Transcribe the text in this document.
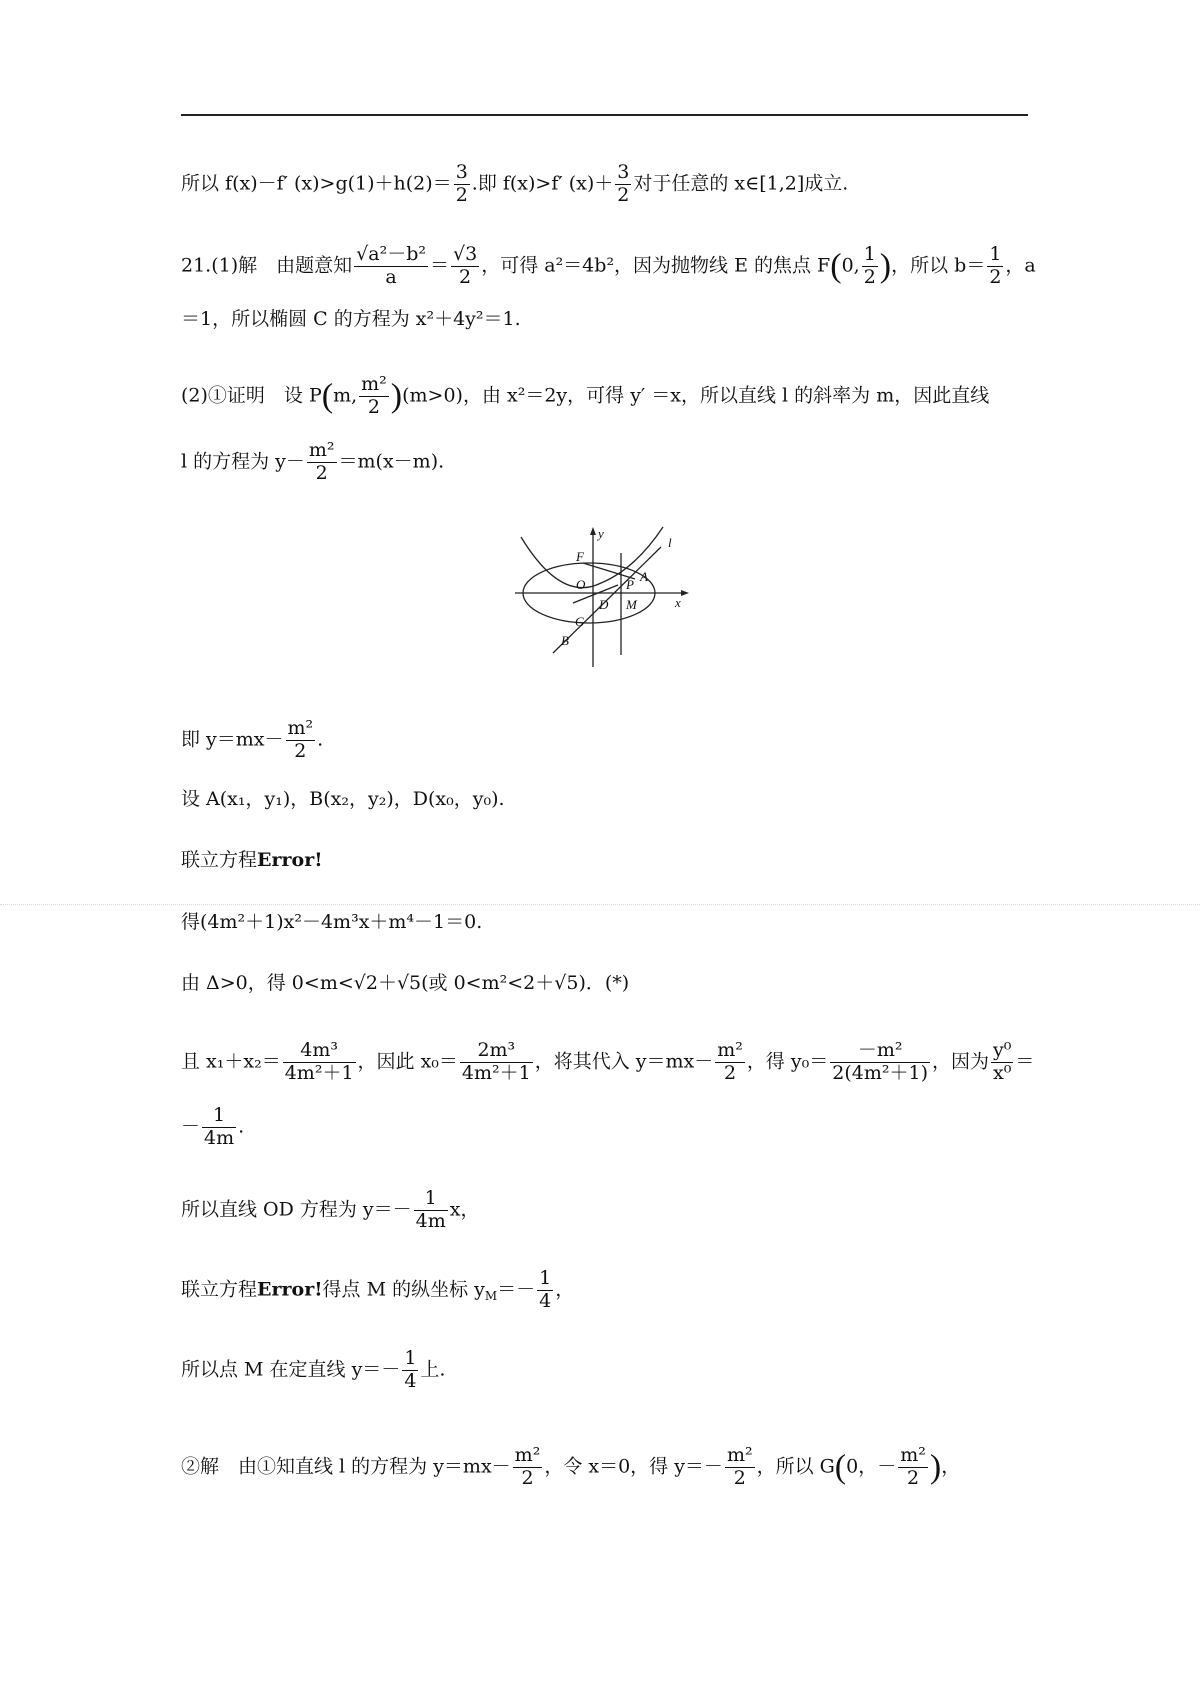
所以 f(x)－f′ $(x)>g(1)+h(2)= \frac{3}{2}$ .即 f(x)>f′ $(x)+ \frac{3}{2}$ 对于任意的 x∈[1,2]成立.
21.(1)解　由题意知 $\frac{\text{√a²－b²}}{a} = \frac{√3}{2}$ ，可得 a²＝4b²，因为抛物线 E 的焦点 F(0, $\frac{1}{2}$ )，所以 $b= \frac{1}{2}$ ，a
＝1，所以椭圆 C 的方程为 x²＋4y²＝1.
(2)①证明　设 P(m, $\frac{\text{m²}}{2} )(m>0)$，由 x²＝2y，可得 y′ ＝x，所以直线 l 的斜率为 m，因此直线
l 的方程为 $y- \frac{\text{m²}}{2} =m(x-m)$.
y
x
F
O
A
P
D M
G
B
l
即 $y=mx- \frac{\text{m²}}{2}$ .
设 A(x₁，y₁)，B(x₂，y₂)，D(x₀，y₀).
联立方程Error!
得(4m²＋1)x²－4m³x＋m⁴－1＝0.
由 Δ>0，得 0<m<√2＋√5(或 0<m²<2＋√5)．(*)
且 $x_1+x_2= \frac{\text{4m³}}{\text{4m²＋1}}$ ，因此 $x_0= \frac{\text{2m³}}{\text{4m²＋1}}$ ，将其代入 $y=mx- \frac{\text{m²}}{2}$ ，得 $y_0= \frac{\text{－m²}}{\text{2(4m²＋1)}}$ ，因为 $\frac{\text{y⁰}}{\text{x⁰}}$ ＝
－ $\frac{1}{4m}$ .
所以直线 OD 方程为 $y=- \frac{1}{4m}$ x，
联立方程Error!得点 M 的纵坐标 $y_M=- \frac{1}{4}$ ，
所以点 M 在定直线 $y=- \frac{1}{4}$ 上.
②解　由①知直线 l 的方程为 $y=mx- \frac{\text{m²}}{2}$ ，令 x＝0，得 $y=- \frac{\text{m²}}{2}$ ，所以 G(0，－ $\frac{\text{m²}}{2}$ )，
